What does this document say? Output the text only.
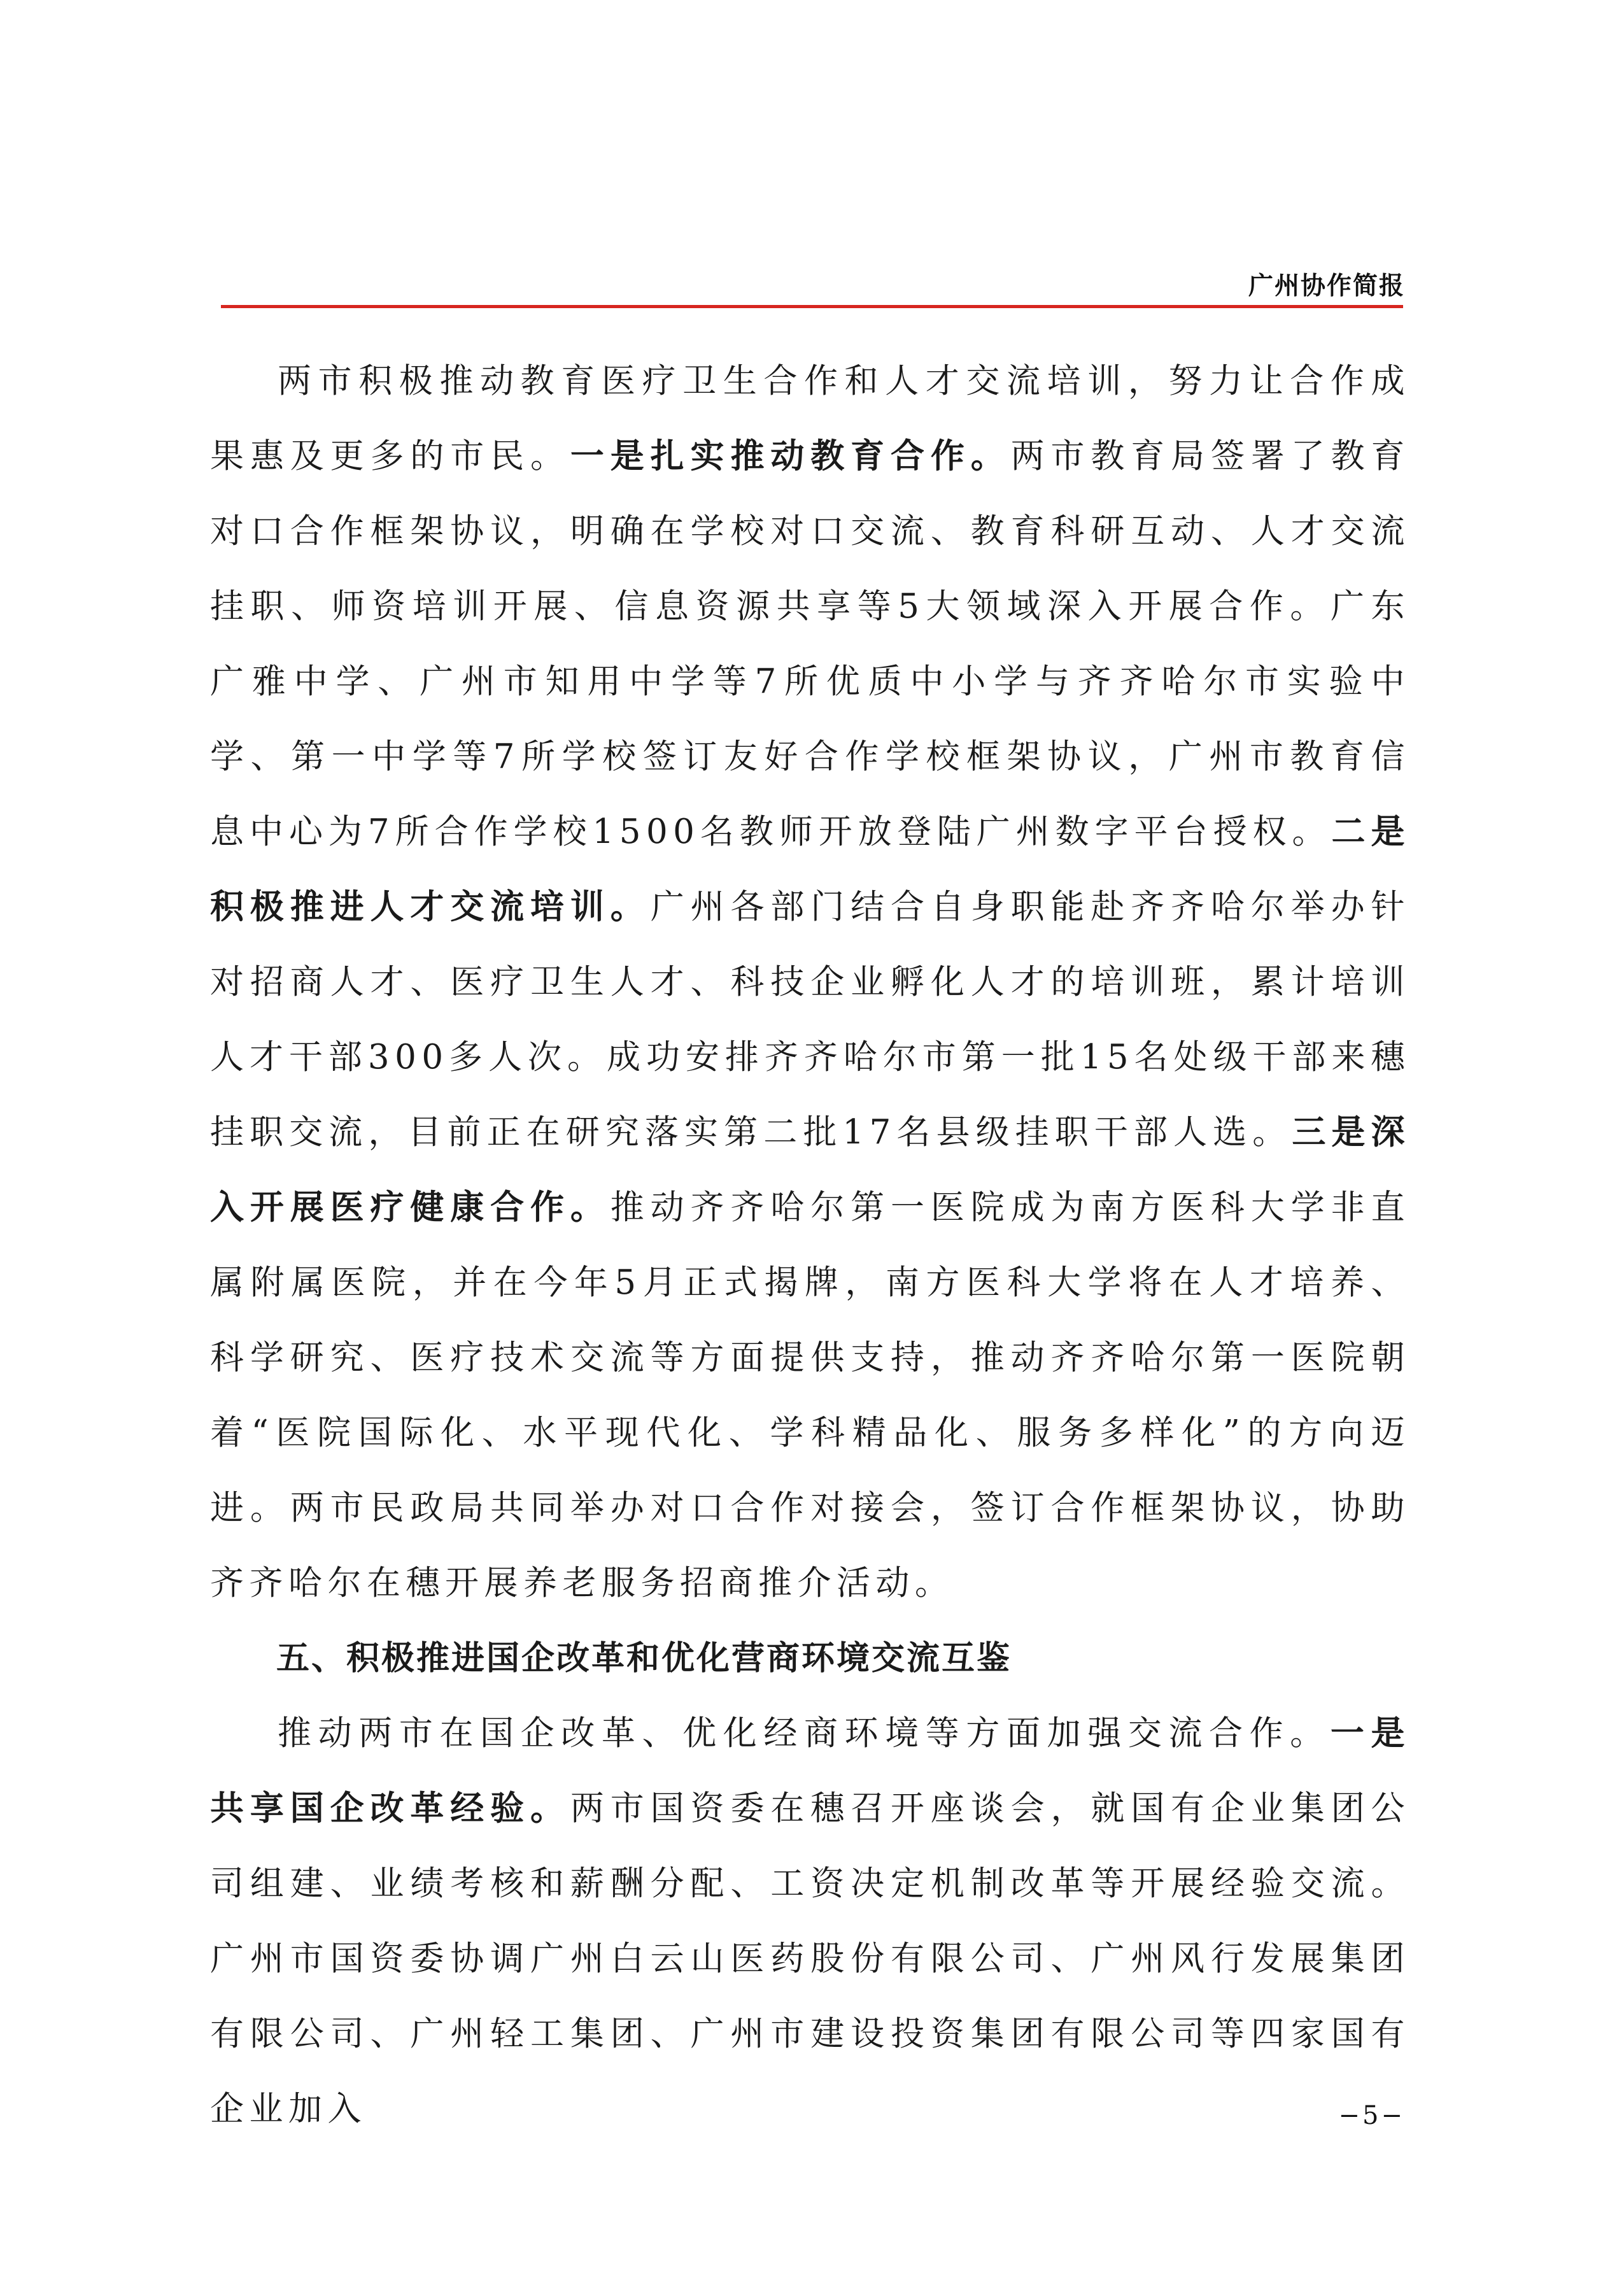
广州协作简报

两市积极推动教育医疗卫生合作和人才交流培训，努力让合作成果惠及更多的市民。一是扎实推动教育合作。两市教育局签署了教育对口合作框架协议，明确在学校对口交流、教育科研互动、人才交流挂职、师资培训开展、信息资源共享等5大领域深入开展合作。广东广雅中学、广州市知用中学等7所优质中小学与齐齐哈尔市实验中学、第一中学等7所学校签订友好合作学校框架协议，广州市教育信息中心为7所合作学校1500名教师开放登陆广州数字平台授权。二是积极推进人才交流培训。广州各部门结合自身职能赴齐齐哈尔举办针对招商人才、医疗卫生人才、科技企业孵化人才的培训班，累计培训人才干部300多人次。成功安排齐齐哈尔市第一批15名处级干部来穗挂职交流，目前正在研究落实第二批17名县级挂职干部人选。三是深入开展医疗健康合作。推动齐齐哈尔第一医院成为南方医科大学非直属附属医院，并在今年5月正式揭牌，南方医科大学将在人才培养、科学研究、医疗技术交流等方面提供支持，推动齐齐哈尔第一医院朝着“医院国际化、水平现代化、学科精品化、服务多样化”的方向迈进。两市民政局共同举办对口合作对接会，签订合作框架协议，协助齐齐哈尔在穗开展养老服务招商推介活动。

五、积极推进国企改革和优化营商环境交流互鉴

推动两市在国企改革、优化经商环境等方面加强交流合作。一是共享国企改革经验。两市国资委在穗召开座谈会，就国有企业集团公司组建、业绩考核和薪酬分配、工资决定机制改革等开展经验交流。广州市国资委协调广州白云山医药股份有限公司、广州风行发展集团有限公司、广州轻工集团、广州市建设投资集团有限公司等四家国有企业加入	−5−
